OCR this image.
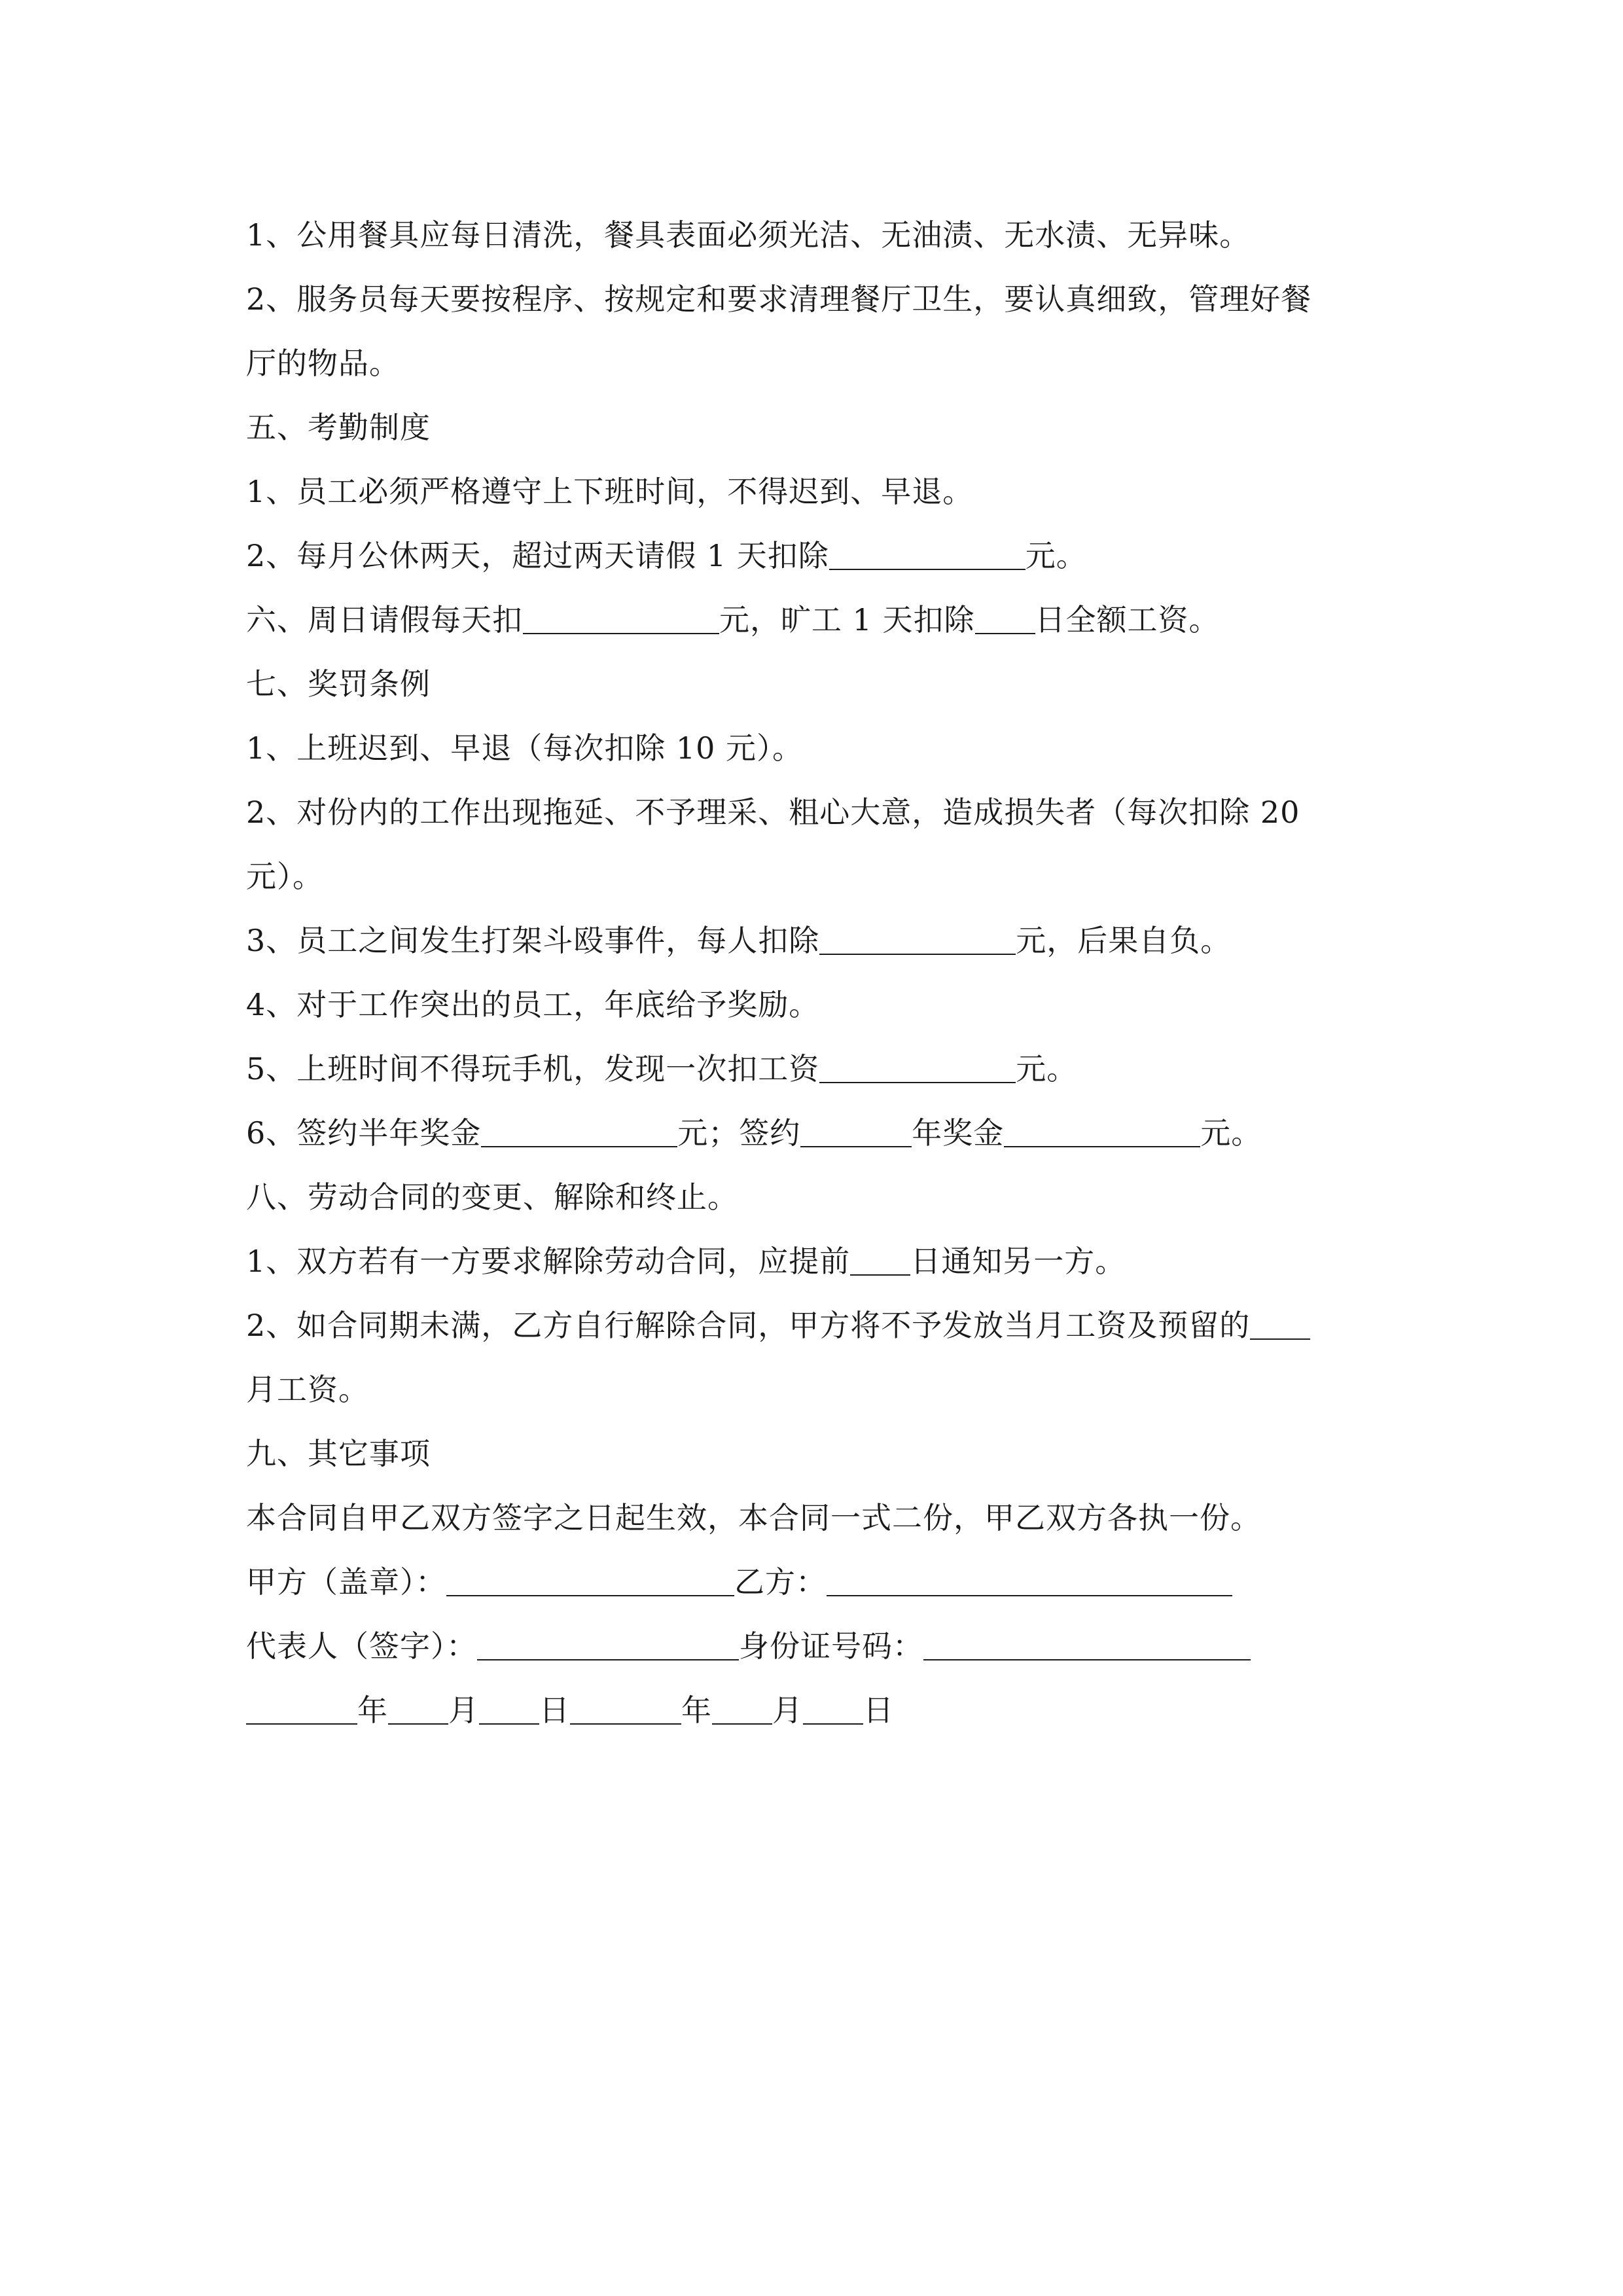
1、公用餐具应每日清洗，餐具表面必须光洁、无油渍、无水渍、无异味。
2、服务员每天要按程序、按规定和要求清理餐厅卫生，要认真细致，管理好餐
厅的物品。
五、考勤制度
1、员工必须严格遵守上下班时间，不得迟到、早退。
2、每月公休两天，超过两天请假 1 天扣除	元。
六、周日请假每天扣	元，旷工 1 天扣除 日全额工资。
七、奖罚条例
1、上班迟到、早退（每次扣除 10 元）。
2、对份内的工作出现拖延、不予理采、粗心大意，造成损失者（每次扣除 20
元）。
3、员工之间发生打架斗殴事件，每人扣除	元，后果自负。
4、对于工作突出的员工，年底给予奖励。
5、上班时间不得玩手机，发现一次扣工资	元。
6、签约半年奖金	元；签约	年奖金	元。
八、劳动合同的变更、解除和终止。
1、双方若有一方要求解除劳动合同，应提前 日通知另一方。
2、如合同期未满，乙方自行解除合同，甲方将不予发放当月工资及预留的
月工资。
九、其它事项
本合同自甲乙双方签字之日起生效，本合同一式二份，甲乙双方各执一份。
甲方（盖章）：	乙方：
代表人（签字）：	身份证号码：
年 月 日	年 月 日
